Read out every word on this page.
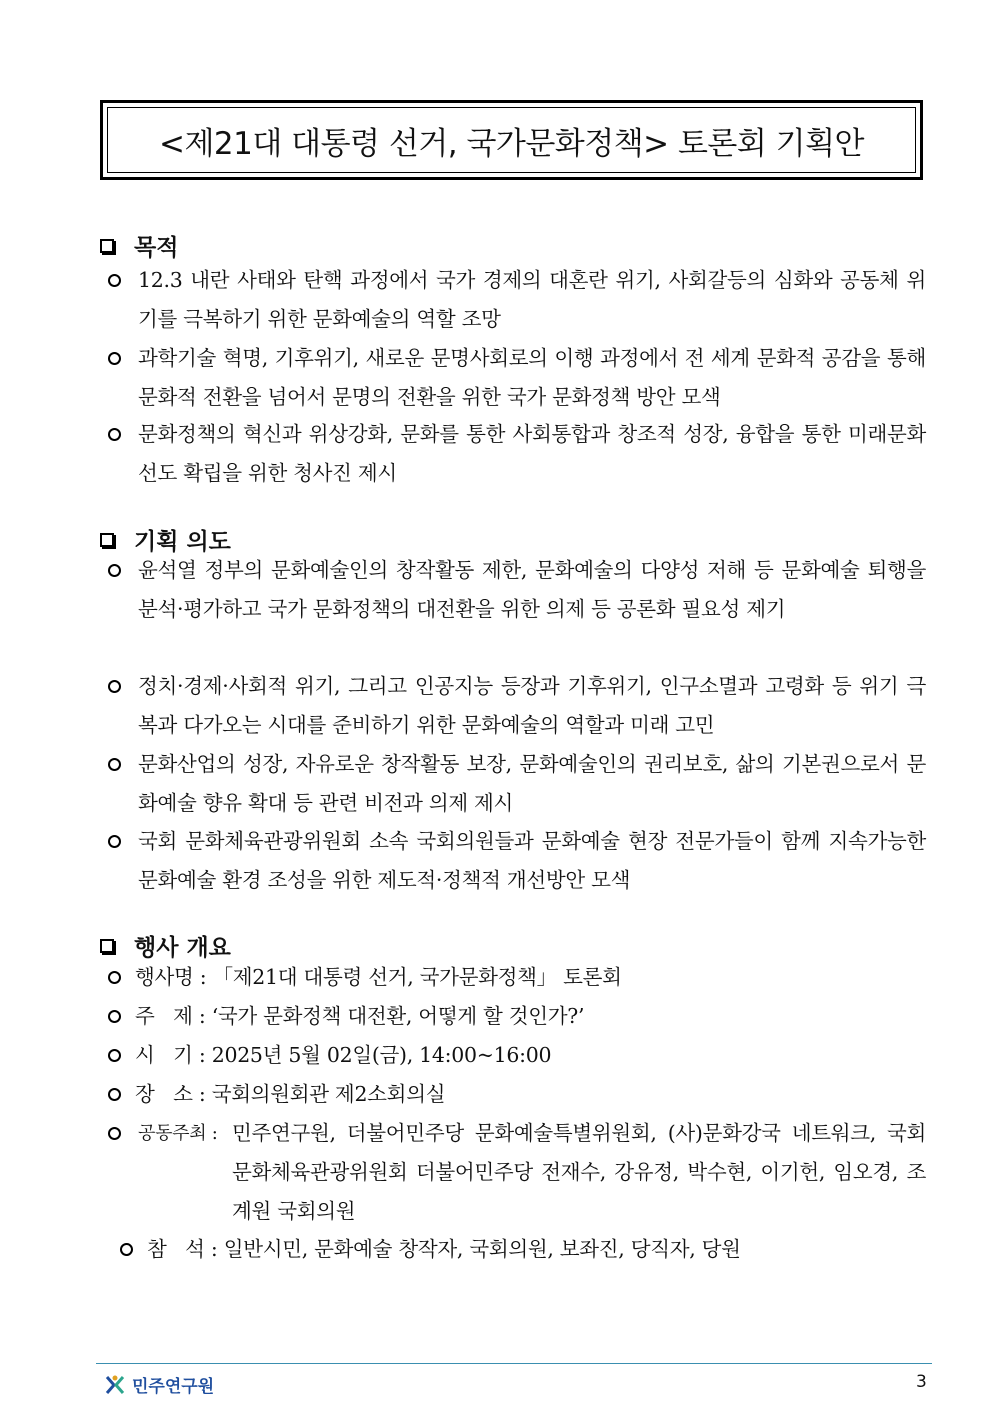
<제21대 대통령 선거, 국가문화정책> 토론회 기획안
목적
12.3 내란 사태와 탄핵 과정에서 국가 경제의 대혼란 위기, 사회갈등의 심화와 공동체 위기를 극복하기 위한 문화예술의 역할 조망
과학기술 혁명, 기후위기, 새로운 문명사회로의 이행 과정에서 전 세계 문화적 공감을 통해 문화적 전환을 넘어서 문명의 전환을 위한 국가 문화정책 방안 모색
문화정책의 혁신과 위상강화, 문화를 통한 사회통합과 창조적 성장, 융합을 통한 미래문화 선도 확립을 위한 청사진 제시
기획 의도
윤석열 정부의 문화예술인의 창작활동 제한, 문화예술의 다양성 저해 등 문화예술 퇴행을 분석·평가하고 국가 문화정책의 대전환을 위한 의제 등 공론화 필요성 제기
정치·경제·사회적 위기, 그리고 인공지능 등장과 기후위기, 인구소멸과 고령화 등 위기 극복과 다가오는 시대를 준비하기 위한 문화예술의 역할과 미래 고민
문화산업의 성장, 자유로운 창작활동 보장, 문화예술인의 권리보호, 삶의 기본권으로서 문화예술 향유 확대 등 관련 비전과 의제 제시
국회 문화체육관광위원회 소속 국회의원들과 문화예술 현장 전문가들이 함께 지속가능한 문화예술 환경 조성을 위한 제도적·정책적 개선방안 모색
행사 개요
행사명 : 「제21대 대통령 선거, 국가문화정책」 토론회
주   제 : ‘국가 문화정책 대전환, 어떻게 할 것인가?’
시   기 : 2025년 5월 02일(금), 14:00~16:00
장   소 : 국회의원회관 제2소회의실
공동주최 : 민주연구원, 더불어민주당 문화예술특별위원회, (사)문화강국 네트워크, 국회 문화체육관광위원회 더불어민주당 전재수, 강유정, 박수현, 이기헌, 임오경, 조계원 국회의원
참   석 : 일반시민, 문화예술 창작자, 국회의원, 보좌진, 당직자, 당원
민주연구원	3
